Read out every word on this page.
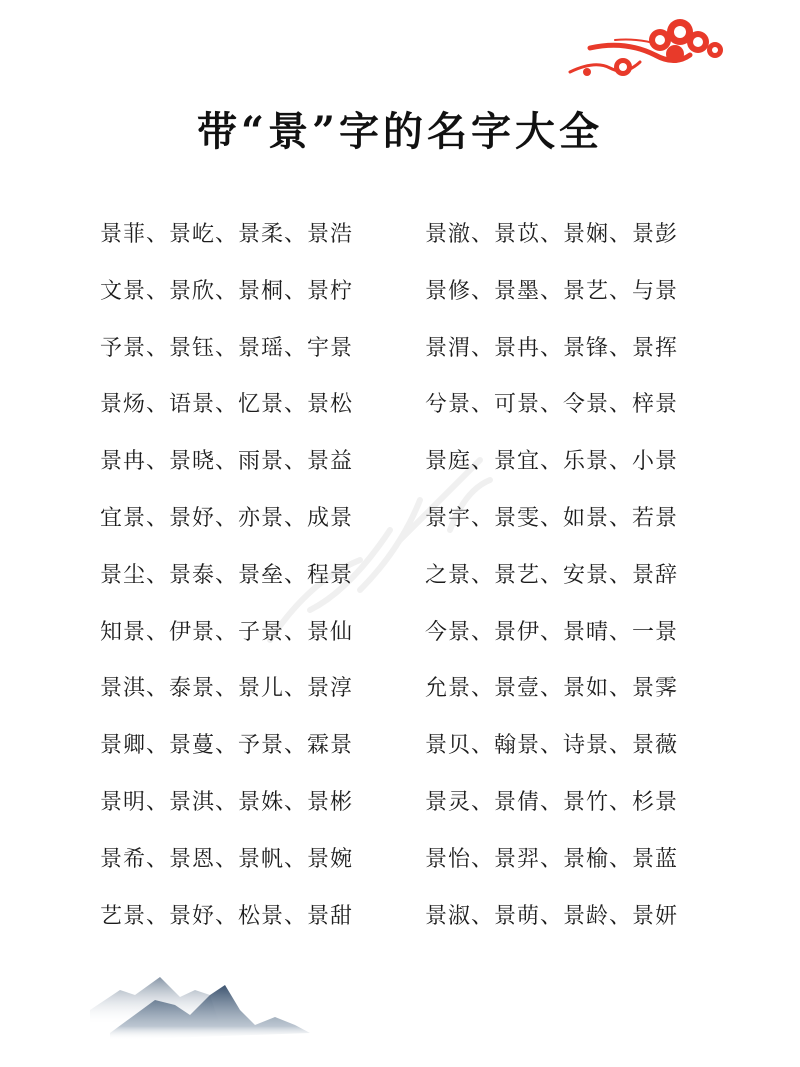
带“景”字的名字大全
景菲、景屹、景柔、景浩
文景、景欣、景桐、景柠
予景、景钰、景瑶、宇景
景炀、语景、忆景、景松
景冉、景晓、雨景、景益
宜景、景妤、亦景、成景
景尘、景泰、景垒、程景
知景、伊景、子景、景仙
景淇、泰景、景儿、景淳
景卿、景蔓、予景、霖景
景明、景淇、景姝、景彬
景希、景恩、景帆、景婉
艺景、景妤、松景、景甜
景澈、景苡、景娴、景彭
景修、景墨、景艺、与景
景渭、景冉、景锋、景挥
兮景、可景、令景、梓景
景庭、景宜、乐景、小景
景宇、景雯、如景、若景
之景、景艺、安景、景辞
今景、景伊、景晴、一景
允景、景壹、景如、景霁
景贝、翰景、诗景、景薇
景灵、景倩、景竹、杉景
景怡、景羿、景榆、景蓝
景淑、景萌、景龄、景妍
